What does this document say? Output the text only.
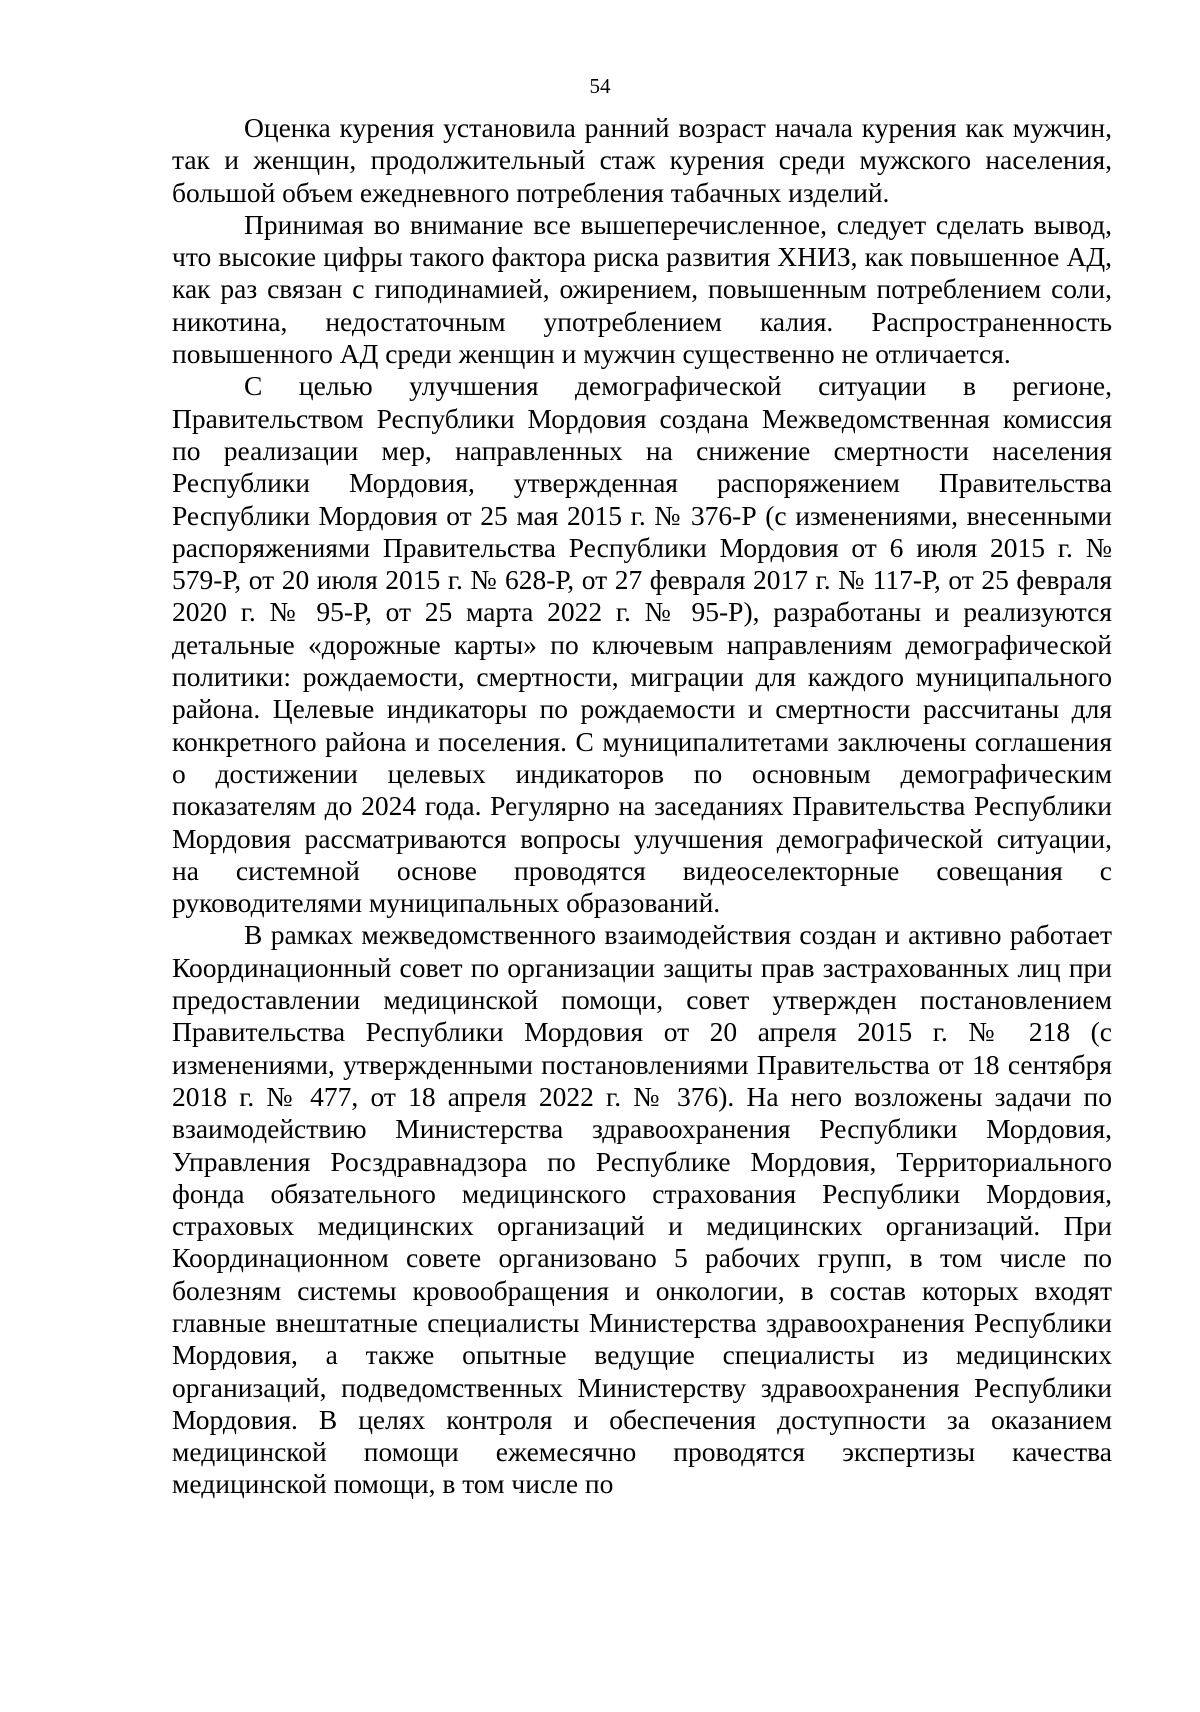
54

Оценка курения установила ранний возраст начала курения как мужчин, так и женщин, продолжительный стаж курения среди мужского населения, большой объем ежедневного потребления табачных изделий.

Принимая во внимание все вышеперечисленное, следует сделать вывод, что высокие цифры такого фактора риска развития ХНИЗ, как повышенное АД, как раз связан с гиподинамией, ожирением, повышенным потреблением соли, никотина, недостаточным употреблением калия. Распространенность повышенного АД среди женщин и мужчин существенно не отличается.

С целью улучшения демографической ситуации в регионе, Правительством Республики Мордовия создана Межведомственная комиссия по реализации мер, направленных на снижение смертности населения Республики Мордовия, утвержденная распоряжением Правительства Республики Мордовия от 25 мая 2015 г. № 376-Р (с изменениями, внесенными распоряжениями Правительства Республики Мордовия от 6 июля 2015 г. № 579-Р, от 20 июля 2015 г. № 628-Р, от 27 февраля 2017 г. № 117-Р, от 25 февраля 2020 г. № 95-Р, от 25 марта 2022 г. № 95-Р), разработаны и реализуются детальные «дорожные карты» по ключевым направлениям демографической политики: рождаемости, смертности, миграции для каждого муниципального района. Целевые индикаторы по рождаемости и смертности рассчитаны для конкретного района и поселения. С муниципалитетами заключены соглашения о достижении целевых индикаторов по основным демографическим показателям до 2024 года. Регулярно на заседаниях Правительства Республики Мордовия рассматриваются вопросы улучшения демографической ситуации, на системной основе проводятся видеоселекторные совещания с руководителями муниципальных образований.

В рамках межведомственного взаимодействия создан и активно работает Координационный совет по организации защиты прав застрахованных лиц при предоставлении медицинской помощи, совет утвержден постановлением Правительства Республики Мордовия от 20 апреля 2015 г. № 218 (с изменениями, утвержденными постановлениями Правительства от 18 сентября 2018 г. № 477, от 18 апреля 2022 г. № 376). На него возложены задачи по взаимодействию Министерства здравоохранения Республики Мордовия, Управления Росздравнадзора по Республике Мордовия, Территориального фонда обязательного медицинского страхования Республики Мордовия, страховых медицинских организаций и медицинских организаций. При Координационном совете организовано 5 рабочих групп, в том числе по болезням системы кровообращения и онкологии, в состав которых входят главные внештатные специалисты Министерства здравоохранения Республики Мордовия, а также опытные ведущие специалисты из медицинских организаций, подведомственных Министерству здравоохранения Республики Мордовия. В целях контроля и обеспечения доступности за оказанием медицинской помощи ежемесячно проводятся экспертизы качества медицинской помощи, в том числе по
